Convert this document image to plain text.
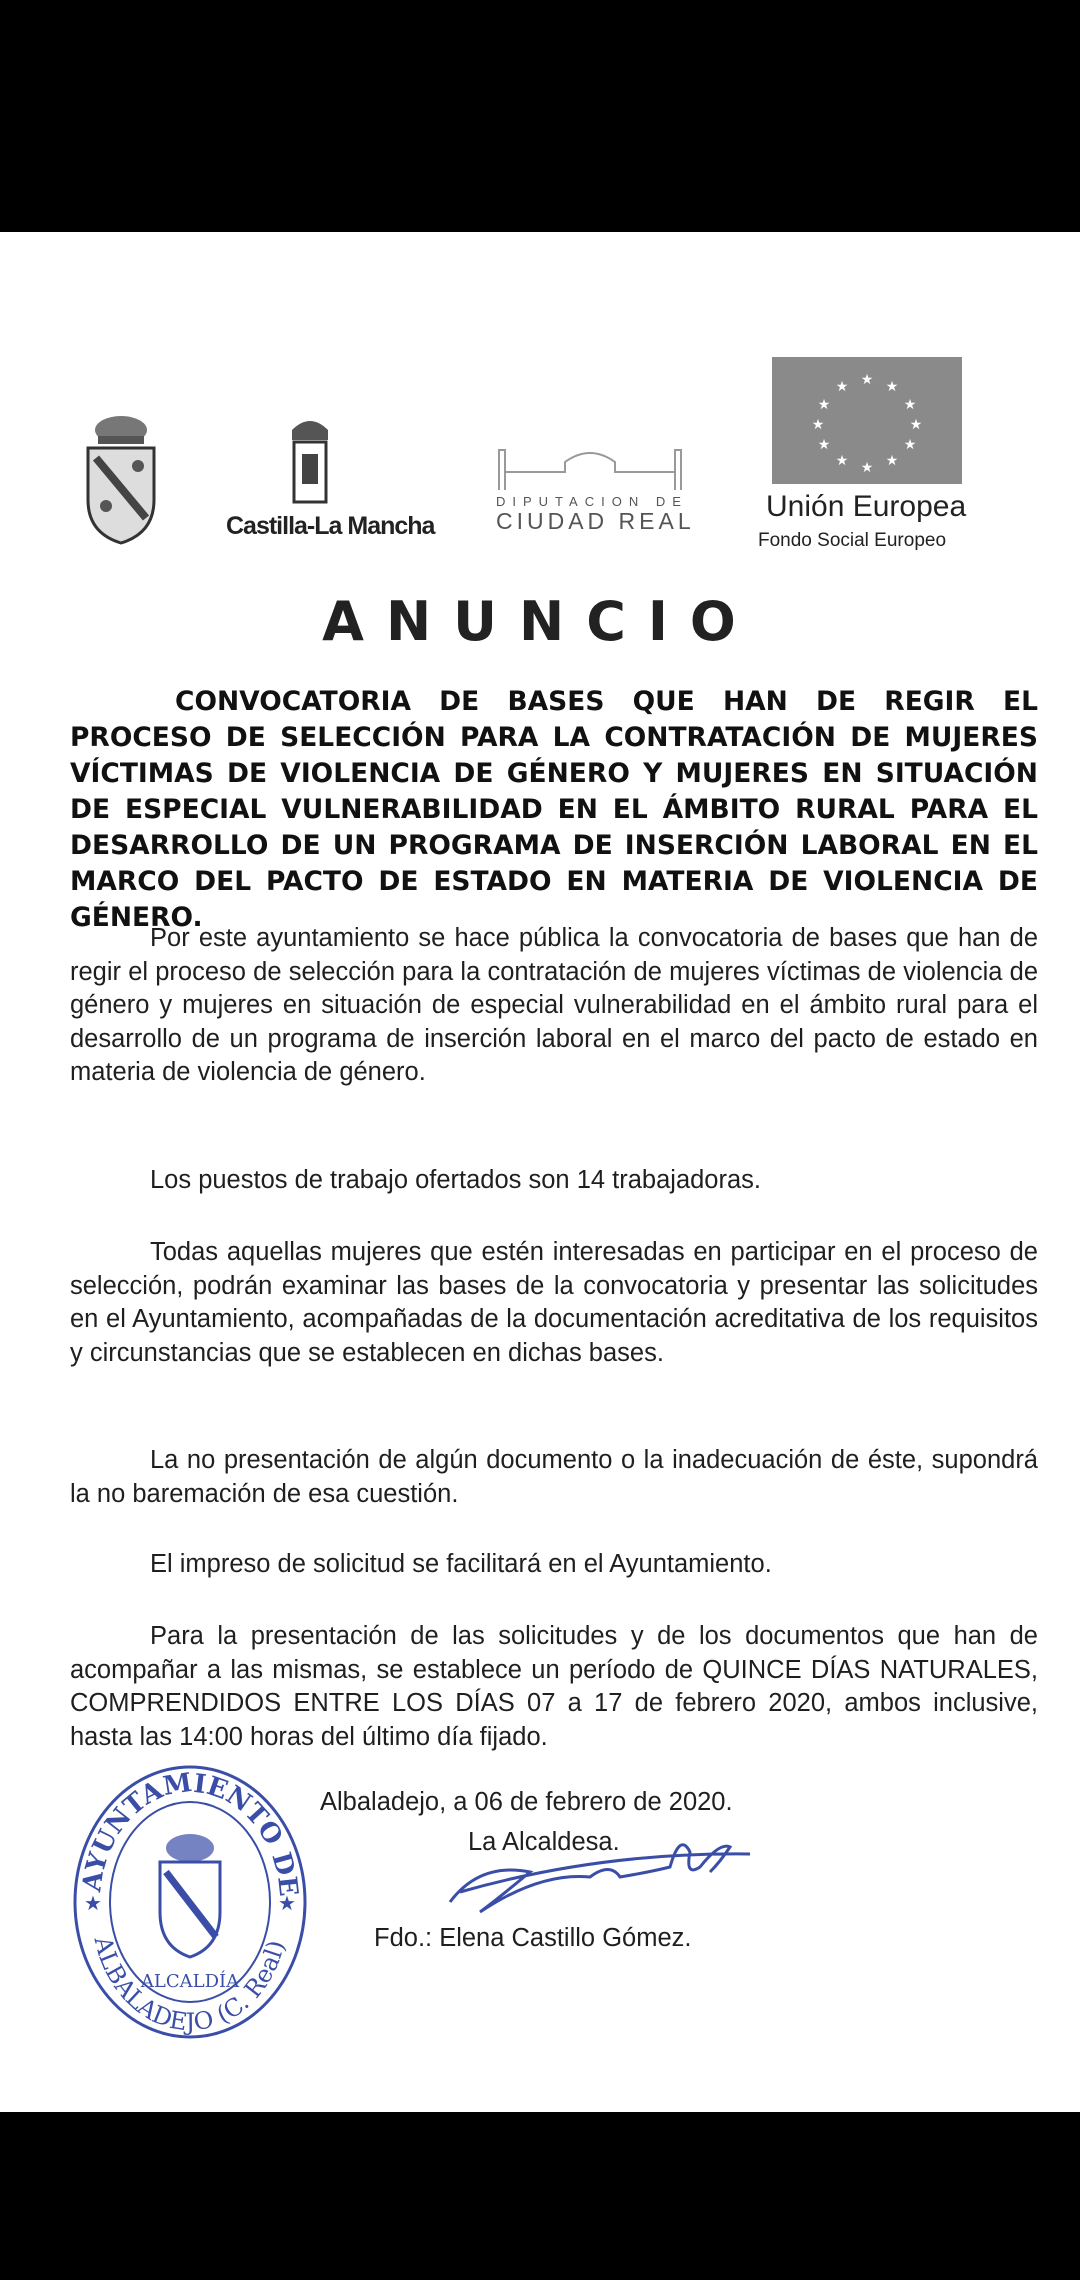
Castilla-La Mancha
DIPUTACION DE
CIUDAD REAL
★ ★
★
★
★
★
★
★
★
★
★
★
Unión Europea
Fondo Social Europeo
ANUNCIO
CONVOCATORIA DE BASES QUE HAN DE REGIR EL PROCESO DE SELECCIÓN PARA LA CONTRATACIÓN DE MUJERES VÍCTIMAS DE VIOLENCIA DE GÉNERO Y MUJERES EN SITUACIÓN DE ESPECIAL VULNERABILIDAD EN EL ÁMBITO RURAL PARA EL DESARROLLO DE UN PROGRAMA DE INSERCIÓN LABORAL EN EL MARCO DEL PACTO DE ESTADO EN MATERIA DE VIOLENCIA DE GÉNERO.
Por este ayuntamiento se hace pública la convocatoria de bases que han de regir el proceso de selección para la contratación de mujeres víctimas de violencia de género y mujeres en situación de especial vulnerabilidad en el ámbito rural para el desarrollo de un programa de inserción laboral en el marco del pacto de estado en materia de violencia de género.
Los puestos de trabajo ofertados son 14 trabajadoras.
Todas aquellas mujeres que estén interesadas en participar en el proceso de selección, podrán examinar las bases de la convocatoria y presentar las solicitudes en el Ayuntamiento, acompañadas de la documentación acreditativa de los requisitos y circunstancias que se establecen en dichas bases.
La no presentación de algún documento o la inadecuación de éste, supondrá la no baremación de esa cuestión.
El impreso de solicitud se facilitará en el Ayuntamiento.
Para la presentación de las solicitudes y de los documentos que han de acompañar a las mismas, se establece un período de QUINCE DÍAS NATURALES, COMPRENDIDOS ENTRE LOS DÍAS 07 a 17 de febrero 2020, ambos inclusive, hasta las 14:00 horas del último día fijado.
AYUNTAMIENTO DE
ALBALADEJO (C. Real)
★	★
ALCALDÍA
Albaladejo, a 06 de febrero de 2020.
La Alcaldesa.
Fdo.: Elena Castillo Gómez.
